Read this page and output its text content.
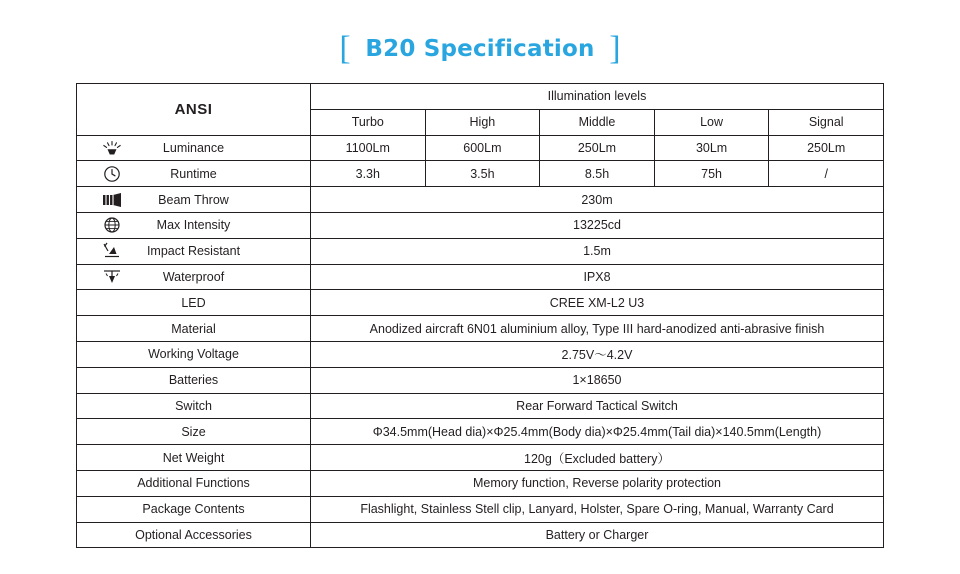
[ B20 Specification ]
ANSI	Illumination levels				
	Turbo	High	Middle	Low	Signal

Luminance	1100Lm	600Lm	250Lm	30Lm	250Lm

Runtime	3.3h	3.5h	8.5h	75h	/

Beam Throw	230m				

Max Intensity	13225cd				

Impact Resistant	1.5m				

Waterproof	IPX8				
LED	CREE XM-L2 U3				
Material	Anodized aircraft 6N01 aluminium alloy, Type III hard-anodized anti-abrasive finish				
Working Voltage	2.75V～4.2V				
Batteries	1×18650				
Switch	Rear Forward Tactical Switch				
Size	Φ34.5mm(Head dia)×Φ25.4mm(Body dia)×Φ25.4mm(Tail dia)×140.5mm(Length)				
Net Weight	120g（Excluded battery）				
Additional Functions	Memory function, Reverse polarity protection				
Package Contents	Flashlight, Stainless Stell clip, Lanyard, Holster, Spare O-ring, Manual, Warranty Card				
Optional Accessories	Battery or Charger				
